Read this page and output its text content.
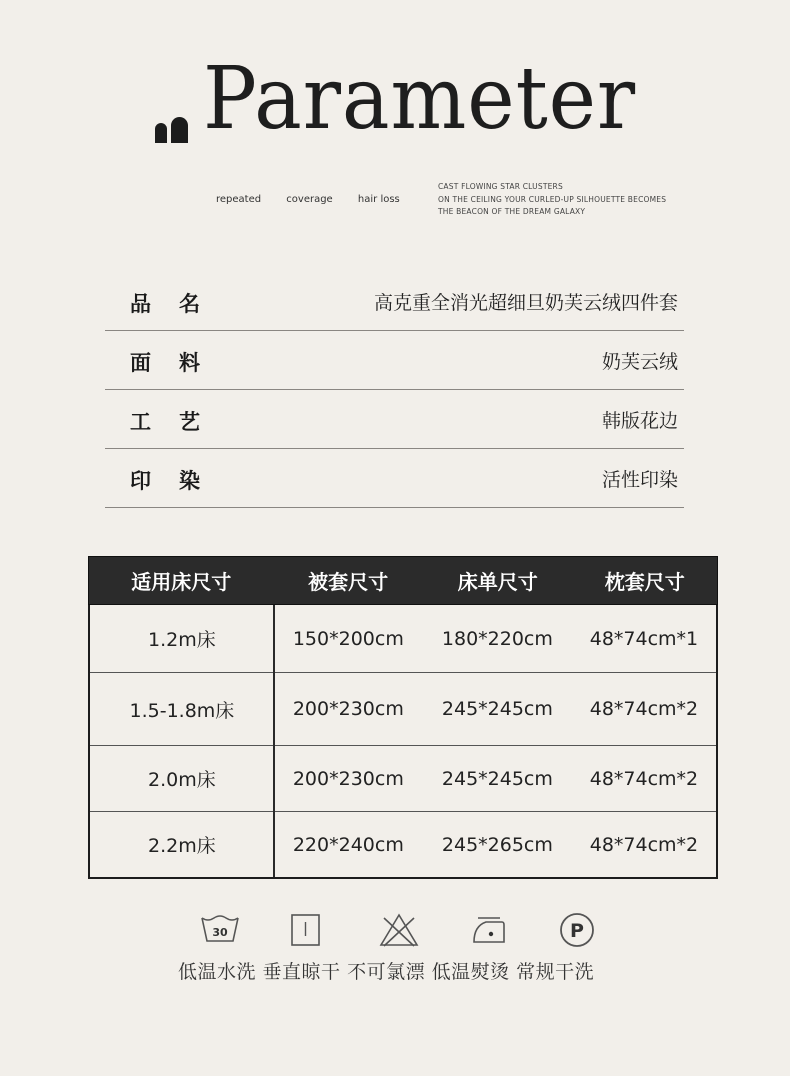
Parameter
repeated	coverage	hair loss
CAST FLOWING STAR CLUSTERS
ON THE CEILING YOUR CURLED-UP SILHOUETTE BECOMES
THE BEACON OF THE DREAM GALAXY
品名	高克重全消光超细旦奶芙云绒四件套
面料	奶芙云绒
工艺	韩版花边
印染	活性印染
适用床尺寸	被套尺寸	床单尺寸	枕套尺寸
1.2m床	150*200cm	180*220cm	48*74cm*1
1.5-1.8m床	200*230cm	245*245cm	48*74cm*2
2.0m床	200*230cm	245*245cm	48*74cm*2
2.2m床	220*240cm	245*265cm	48*74cm*2
30	P
低温水洗 垂直晾干 不可氯漂 低温熨烫 常规干洗
